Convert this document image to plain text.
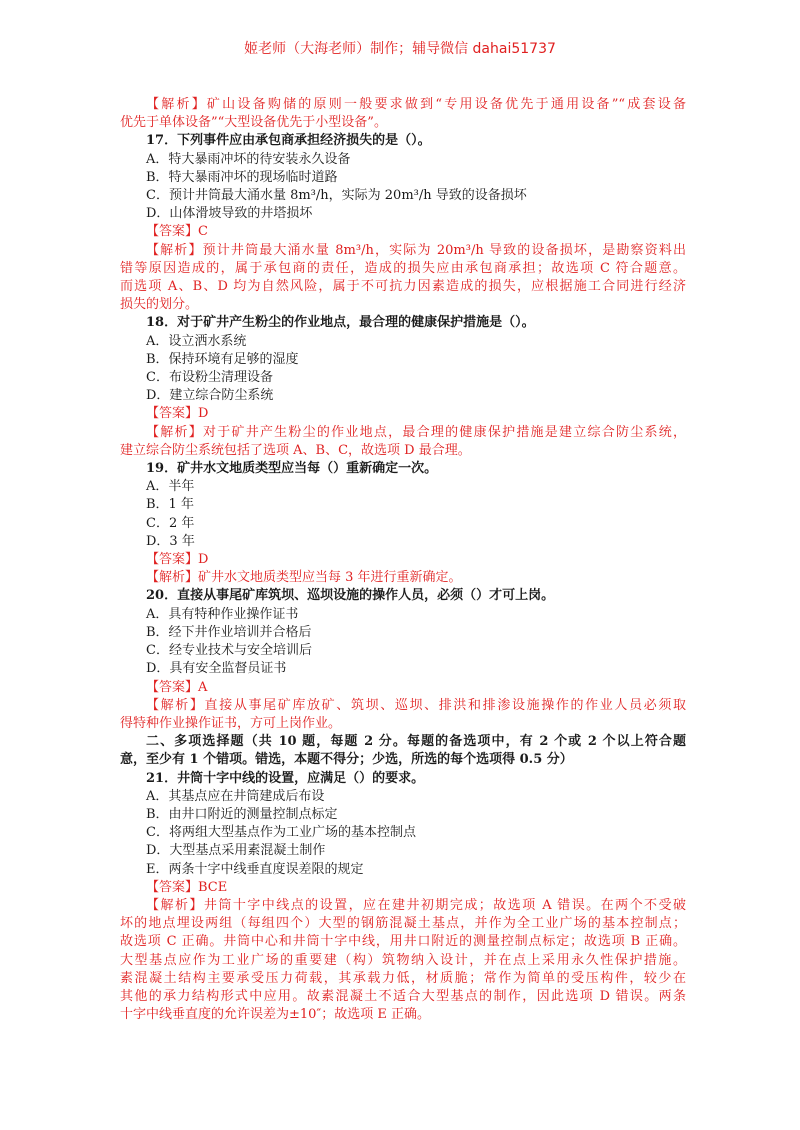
姬老师（大海老师）制作；辅导微信 dahai51737
【解析】矿山设备购储的原则一般要求做到“专用设备优先于通用设备”“成套设备
优先于单体设备”“大型设备优先于小型设备”。
17．下列事件应由承包商承担经济损失的是（）。
A．特大暴雨冲坏的待安装永久设备
B．特大暴雨冲坏的现场临时道路
C．预计井筒最大涌水量 8m³/h，实际为 20m³/h 导致的设备损坏
D．山体滑坡导致的井塔损坏
【答案】C
【解析】预计井筒最大涌水量 8m³/h，实际为 20m³/h 导致的设备损坏，是勘察资料出
错等原因造成的，属于承包商的责任，造成的损失应由承包商承担；故选项 C 符合题意。
而选项 A、B、D 均为自然风险，属于不可抗力因素造成的损失，应根据施工合同进行经济
损失的划分。
18．对于矿井产生粉尘的作业地点，最合理的健康保护措施是（）。
A．设立洒水系统
B．保持环境有足够的湿度
C．布设粉尘清理设备
D．建立综合防尘系统
【答案】D
【解析】对于矿井产生粉尘的作业地点，最合理的健康保护措施是建立综合防尘系统，
建立综合防尘系统包括了选项 A、B、C，故选项 D 最合理。
19．矿井水文地质类型应当每（）重新确定一次。
A．半年
B．1 年
C．2 年
D．3 年
【答案】D
【解析】矿井水文地质类型应当每 3 年进行重新确定。
20．直接从事尾矿库筑坝、巡坝设施的操作人员，必须（）才可上岗。
A．具有特种作业操作证书
B．经下井作业培训并合格后
C．经专业技术与安全培训后
D．具有安全监督员证书
【答案】A
【解析】直接从事尾矿库放矿、筑坝、巡坝、排洪和排渗设施操作的作业人员必须取
得特种作业操作证书，方可上岗作业。
二、多项选择题（共 10 题，每题 2 分。每题的备选项中，有 2 个或 2 个以上符合题
意，至少有 1 个错项。错选，本题不得分；少选，所选的每个选项得 0.5 分）
21．井筒十字中线的设置，应满足（）的要求。
A．其基点应在井筒建成后布设
B．由井口附近的测量控制点标定
C．将两组大型基点作为工业广场的基本控制点
D．大型基点采用素混凝土制作
E．两条十字中线垂直度误差限的规定
【答案】BCE
【解析】井筒十字中线点的设置，应在建井初期完成；故选项 A 错误。在两个不受破
坏的地点埋设两组（每组四个）大型的钢筋混凝土基点，并作为全工业广场的基本控制点；
故选项 C 正确。井筒中心和井筒十字中线，用井口附近的测量控制点标定；故选项 B 正确。
大型基点应作为工业广场的重要建（构）筑物纳入设计，并在点上采用永久性保护措施。
素混凝土结构主要承受压力荷载，其承载力低，材质脆；常作为简单的受压构件，较少在
其他的承力结构形式中应用。故素混凝土不适合大型基点的制作，因此选项 D 错误。两条
十字中线垂直度的允许误差为±10″；故选项 E 正确。
